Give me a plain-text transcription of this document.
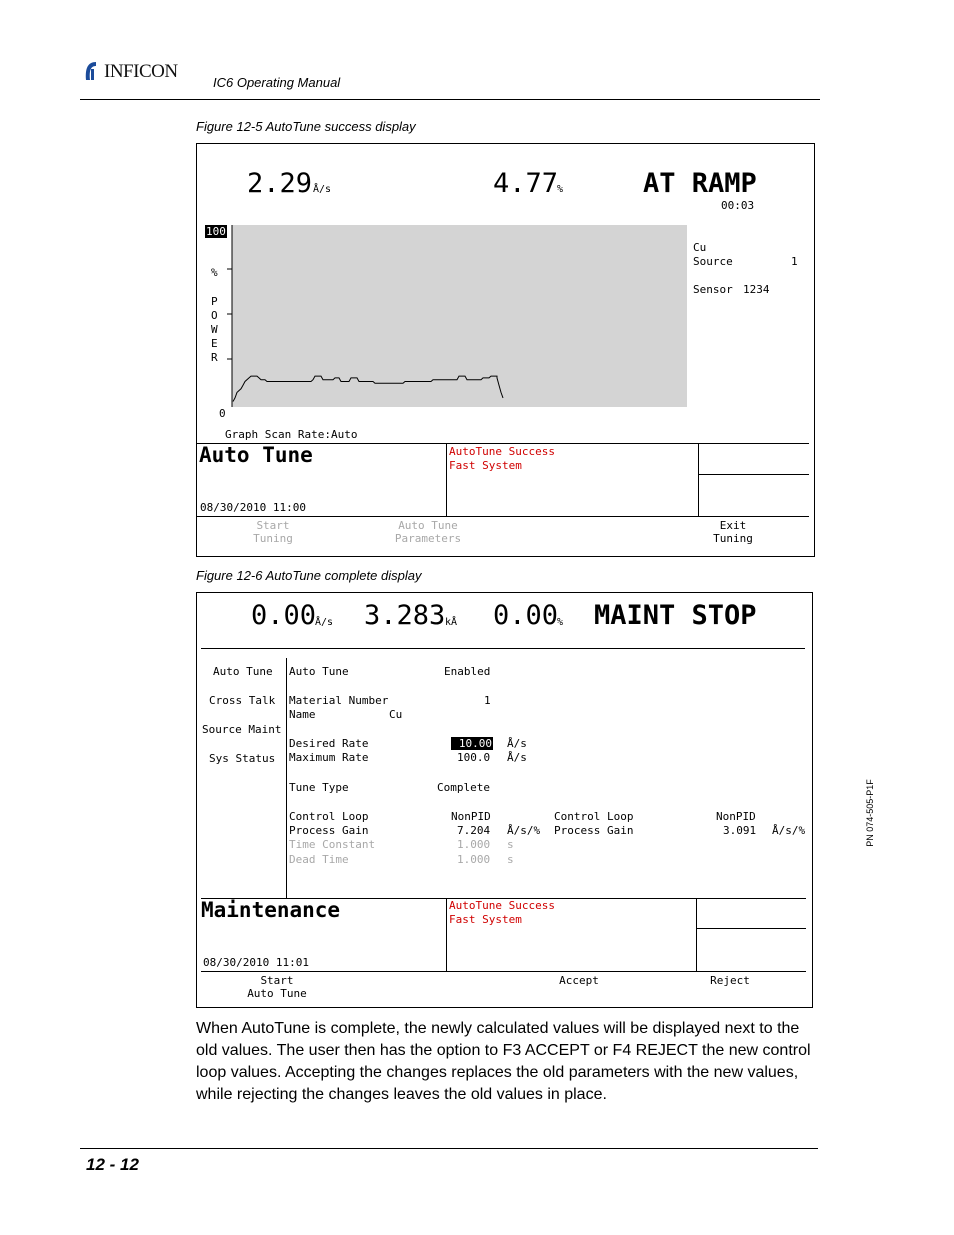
INFICON
IC6 Operating Manual
Figure 12-5 AutoTune success display
2.29 Å/s	4.77
%	AT RAMP
00:03
100
%
P
O
W
E
R
0
Cu
Source	1
Sensor 1234
Graph Scan Rate:Auto
Auto Tune	AutoTune Success
Fast System
08/30/2010 11:00
Start
Tuning
Auto Tune
Parameters
Exit
Tuning
Figure 12-6 AutoTune complete display
0.00
Å/s 3.283 kÅ 0.00
% MAINT STOP
Auto Tune
Cross Talk
Source Maint
Sys Status
Auto Tune	Enabled
Material Number	1
Name	Cu
Desired Rate	10.00 Å/s
Maximum Rate	100.0 Å/s
Tune Type	Complete
Control Loop	NonPID	Control Loop	NonPID
Process Gain	7.204 Å/s/% Process Gain	3.091 Å/s/%
Time Constant	1.000 s
Dead Time	1.000 s
Maintenance	AutoTune Success
Fast System
08/30/2010 11:01
Start
Auto Tune
Accept	Reject
When AutoTune is complete, the newly calculated values will be displayed next to the old values. The user then has the option to F3 ACCEPT or F4 REJECT the new control loop values. Accepting the changes replaces the old parameters with the new values, while rejecting the changes leaves the old values in place.
PN 074-505-P1F
12 - 12
